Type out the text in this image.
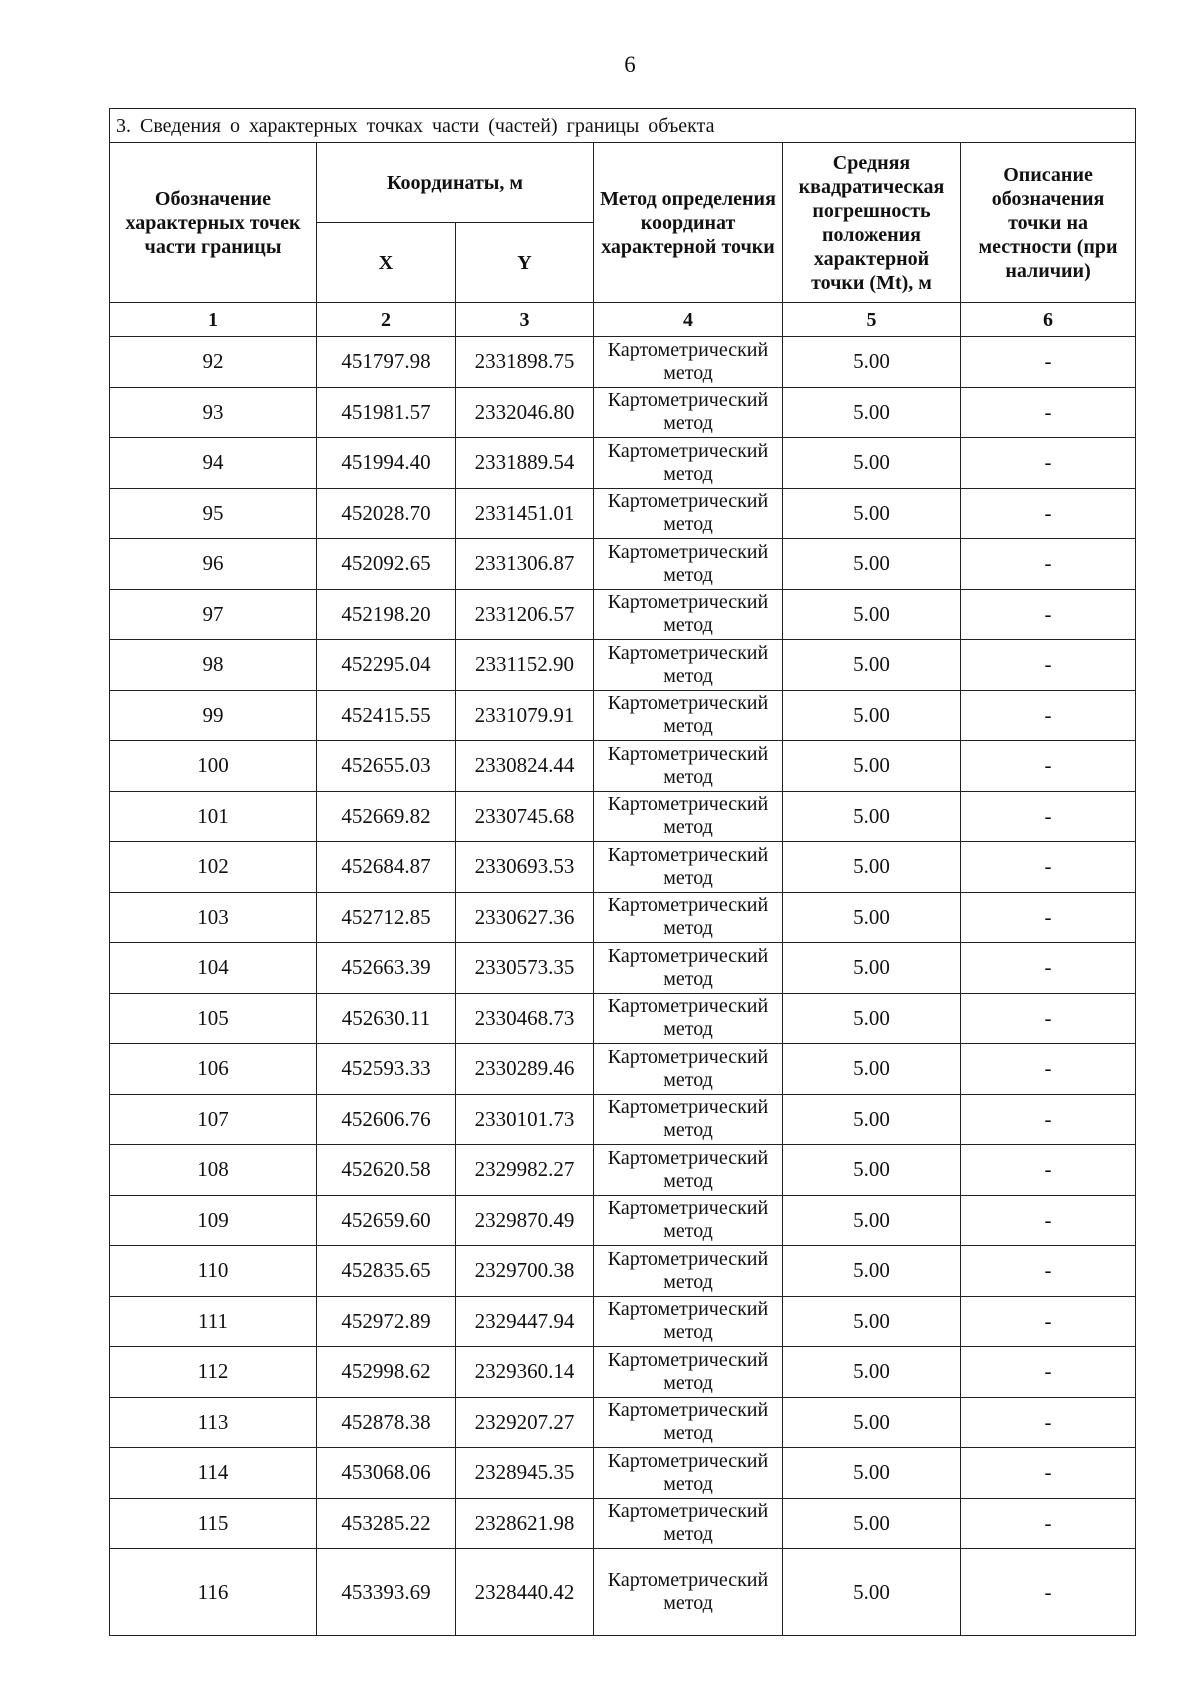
6
3. Сведения о характерных точках части (частей) границы объекта					
Обозначение характерных точек части границы	Координаты, м		Метод определения координат характерной точки	Средняя квадратическая погрешность положения характерной точки (Mt), м	Описание обозначения точки на местности (при наличии)
	X	Y			
1	2	3	4	5	6
92	451797.98	2331898.75	Картометрический метод	5.00	-
93	451981.57	2332046.80	Картометрический метод	5.00	-
94	451994.40	2331889.54	Картометрический метод	5.00	-
95	452028.70	2331451.01	Картометрический метод	5.00	-
96	452092.65	2331306.87	Картометрический метод	5.00	-
97	452198.20	2331206.57	Картометрический метод	5.00	-
98	452295.04	2331152.90	Картометрический метод	5.00	-
99	452415.55	2331079.91	Картометрический метод	5.00	-
100	452655.03	2330824.44	Картометрический метод	5.00	-
101	452669.82	2330745.68	Картометрический метод	5.00	-
102	452684.87	2330693.53	Картометрический метод	5.00	-
103	452712.85	2330627.36	Картометрический метод	5.00	-
104	452663.39	2330573.35	Картометрический метод	5.00	-
105	452630.11	2330468.73	Картометрический метод	5.00	-
106	452593.33	2330289.46	Картометрический метод	5.00	-
107	452606.76	2330101.73	Картометрический метод	5.00	-
108	452620.58	2329982.27	Картометрический метод	5.00	-
109	452659.60	2329870.49	Картометрический метод	5.00	-
110	452835.65	2329700.38	Картометрический метод	5.00	-
111	452972.89	2329447.94	Картометрический метод	5.00	-
112	452998.62	2329360.14	Картометрический метод	5.00	-
113	452878.38	2329207.27	Картометрический метод	5.00	-
114	453068.06	2328945.35	Картометрический метод	5.00	-
115	453285.22	2328621.98	Картометрический метод	5.00	-
116	453393.69	2328440.42	Картометрический метод	5.00	-
